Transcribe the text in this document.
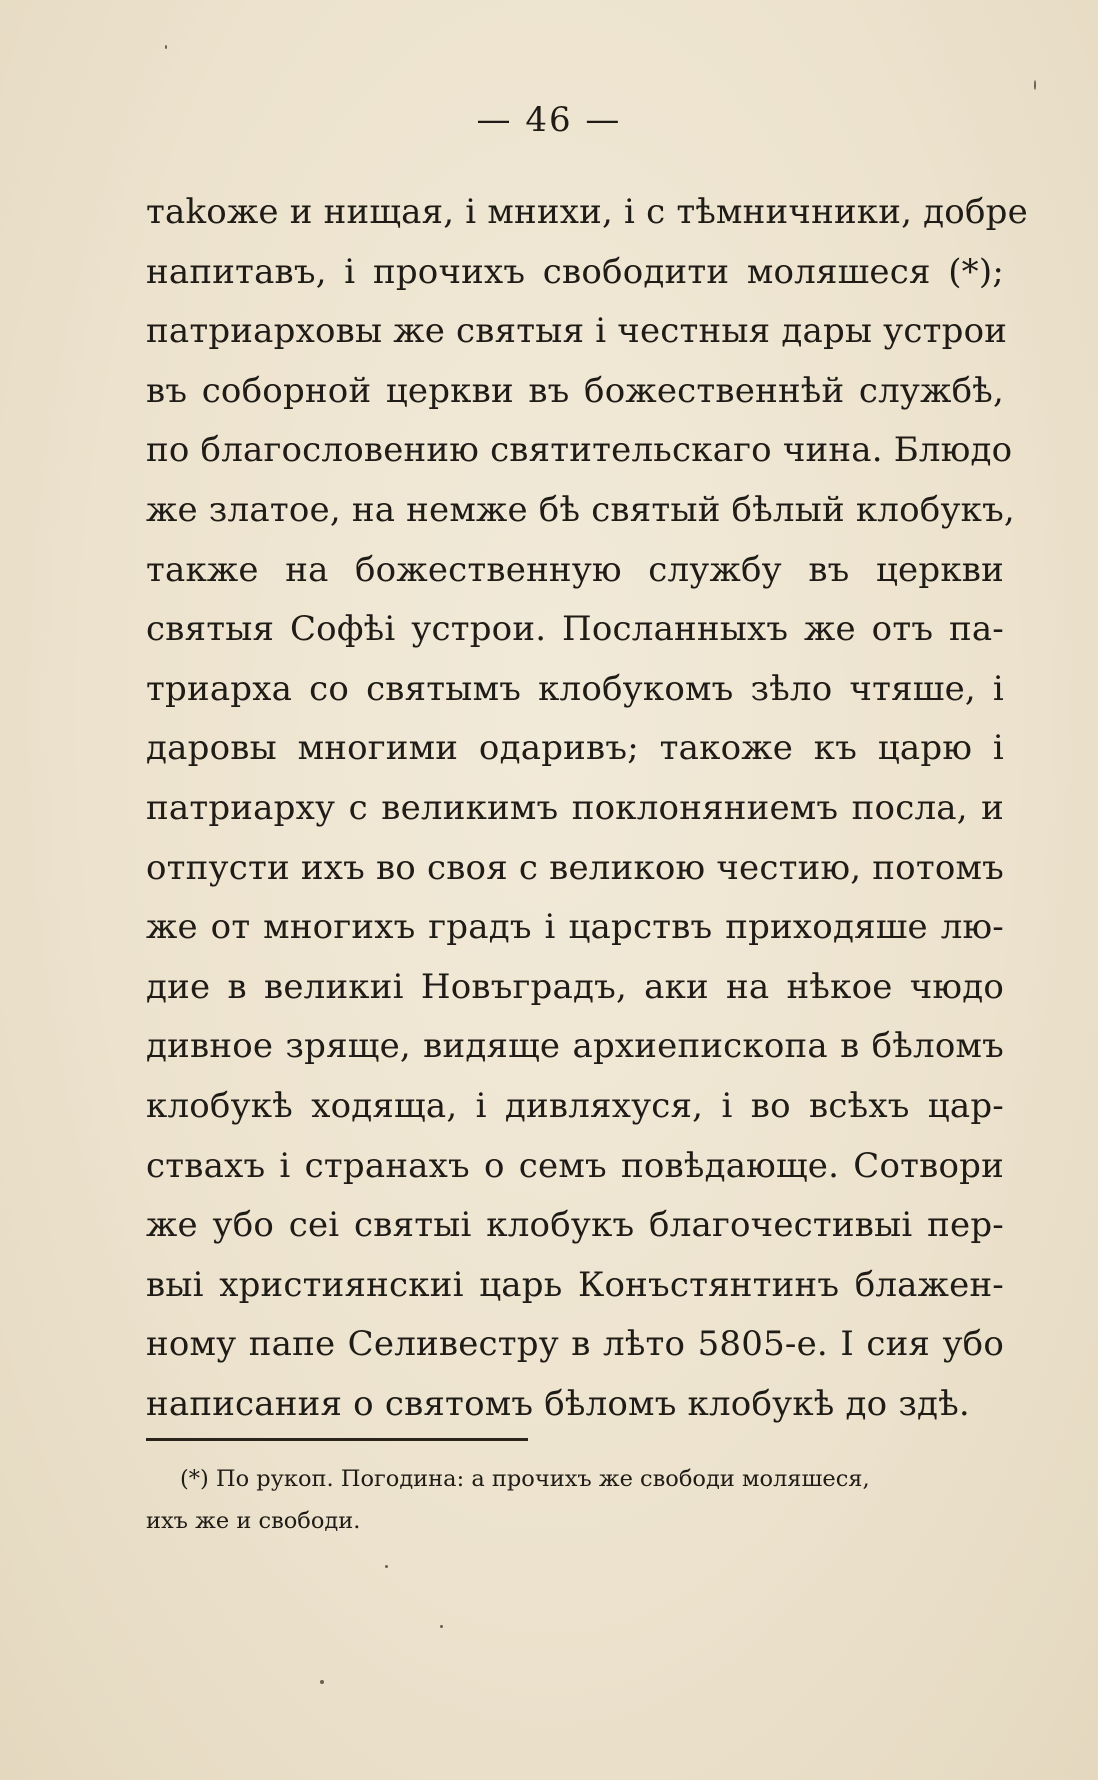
— 46 —
таkоже и нищая, і мнихи, і с тѣмничники, добре
напитавъ, і прочихъ свободити моляшеся (*);
патриарховы же святыя і честныя дары устрои
въ соборной церкви въ божественнѣй службѣ,
по благословению святительскаго чина. Блюдо
же златое, на немже бѣ святый бѣлый клобукъ,
также на божественную службу въ церкви
святыя Софѣі устрои. Посланныхъ же отъ па-
триарха со святымъ клобукомъ зѣло чтяше, і
даровы многими одаривъ; такоже къ царю і
патриарху с великимъ поклоняниемъ посла, и
отпусти ихъ во своя с великою честию, потомъ
же от многихъ градъ і царствъ приходяше лю-
дие в великиі Новъградъ, аки на нѣкое чюдо
дивное зряще, видяще архиепископа в бѣломъ
клобукѣ ходяща, і дивляхуся, і во всѣхъ цар-
ствахъ і странахъ о семъ повѣдающе. Сотвори
же убо сеі святыі клобукъ благочестивыі пер-
выі християнскиі царь Конъстянтинъ блажен-
ному папе Селивестру в лѣто 5805-е. І сия убо
написания о святомъ бѣломъ клобукѣ до здѣ.
(*) По рукоп. Погодина: а прочихъ же свободи моляшеся,
ихъ же и свободи.
